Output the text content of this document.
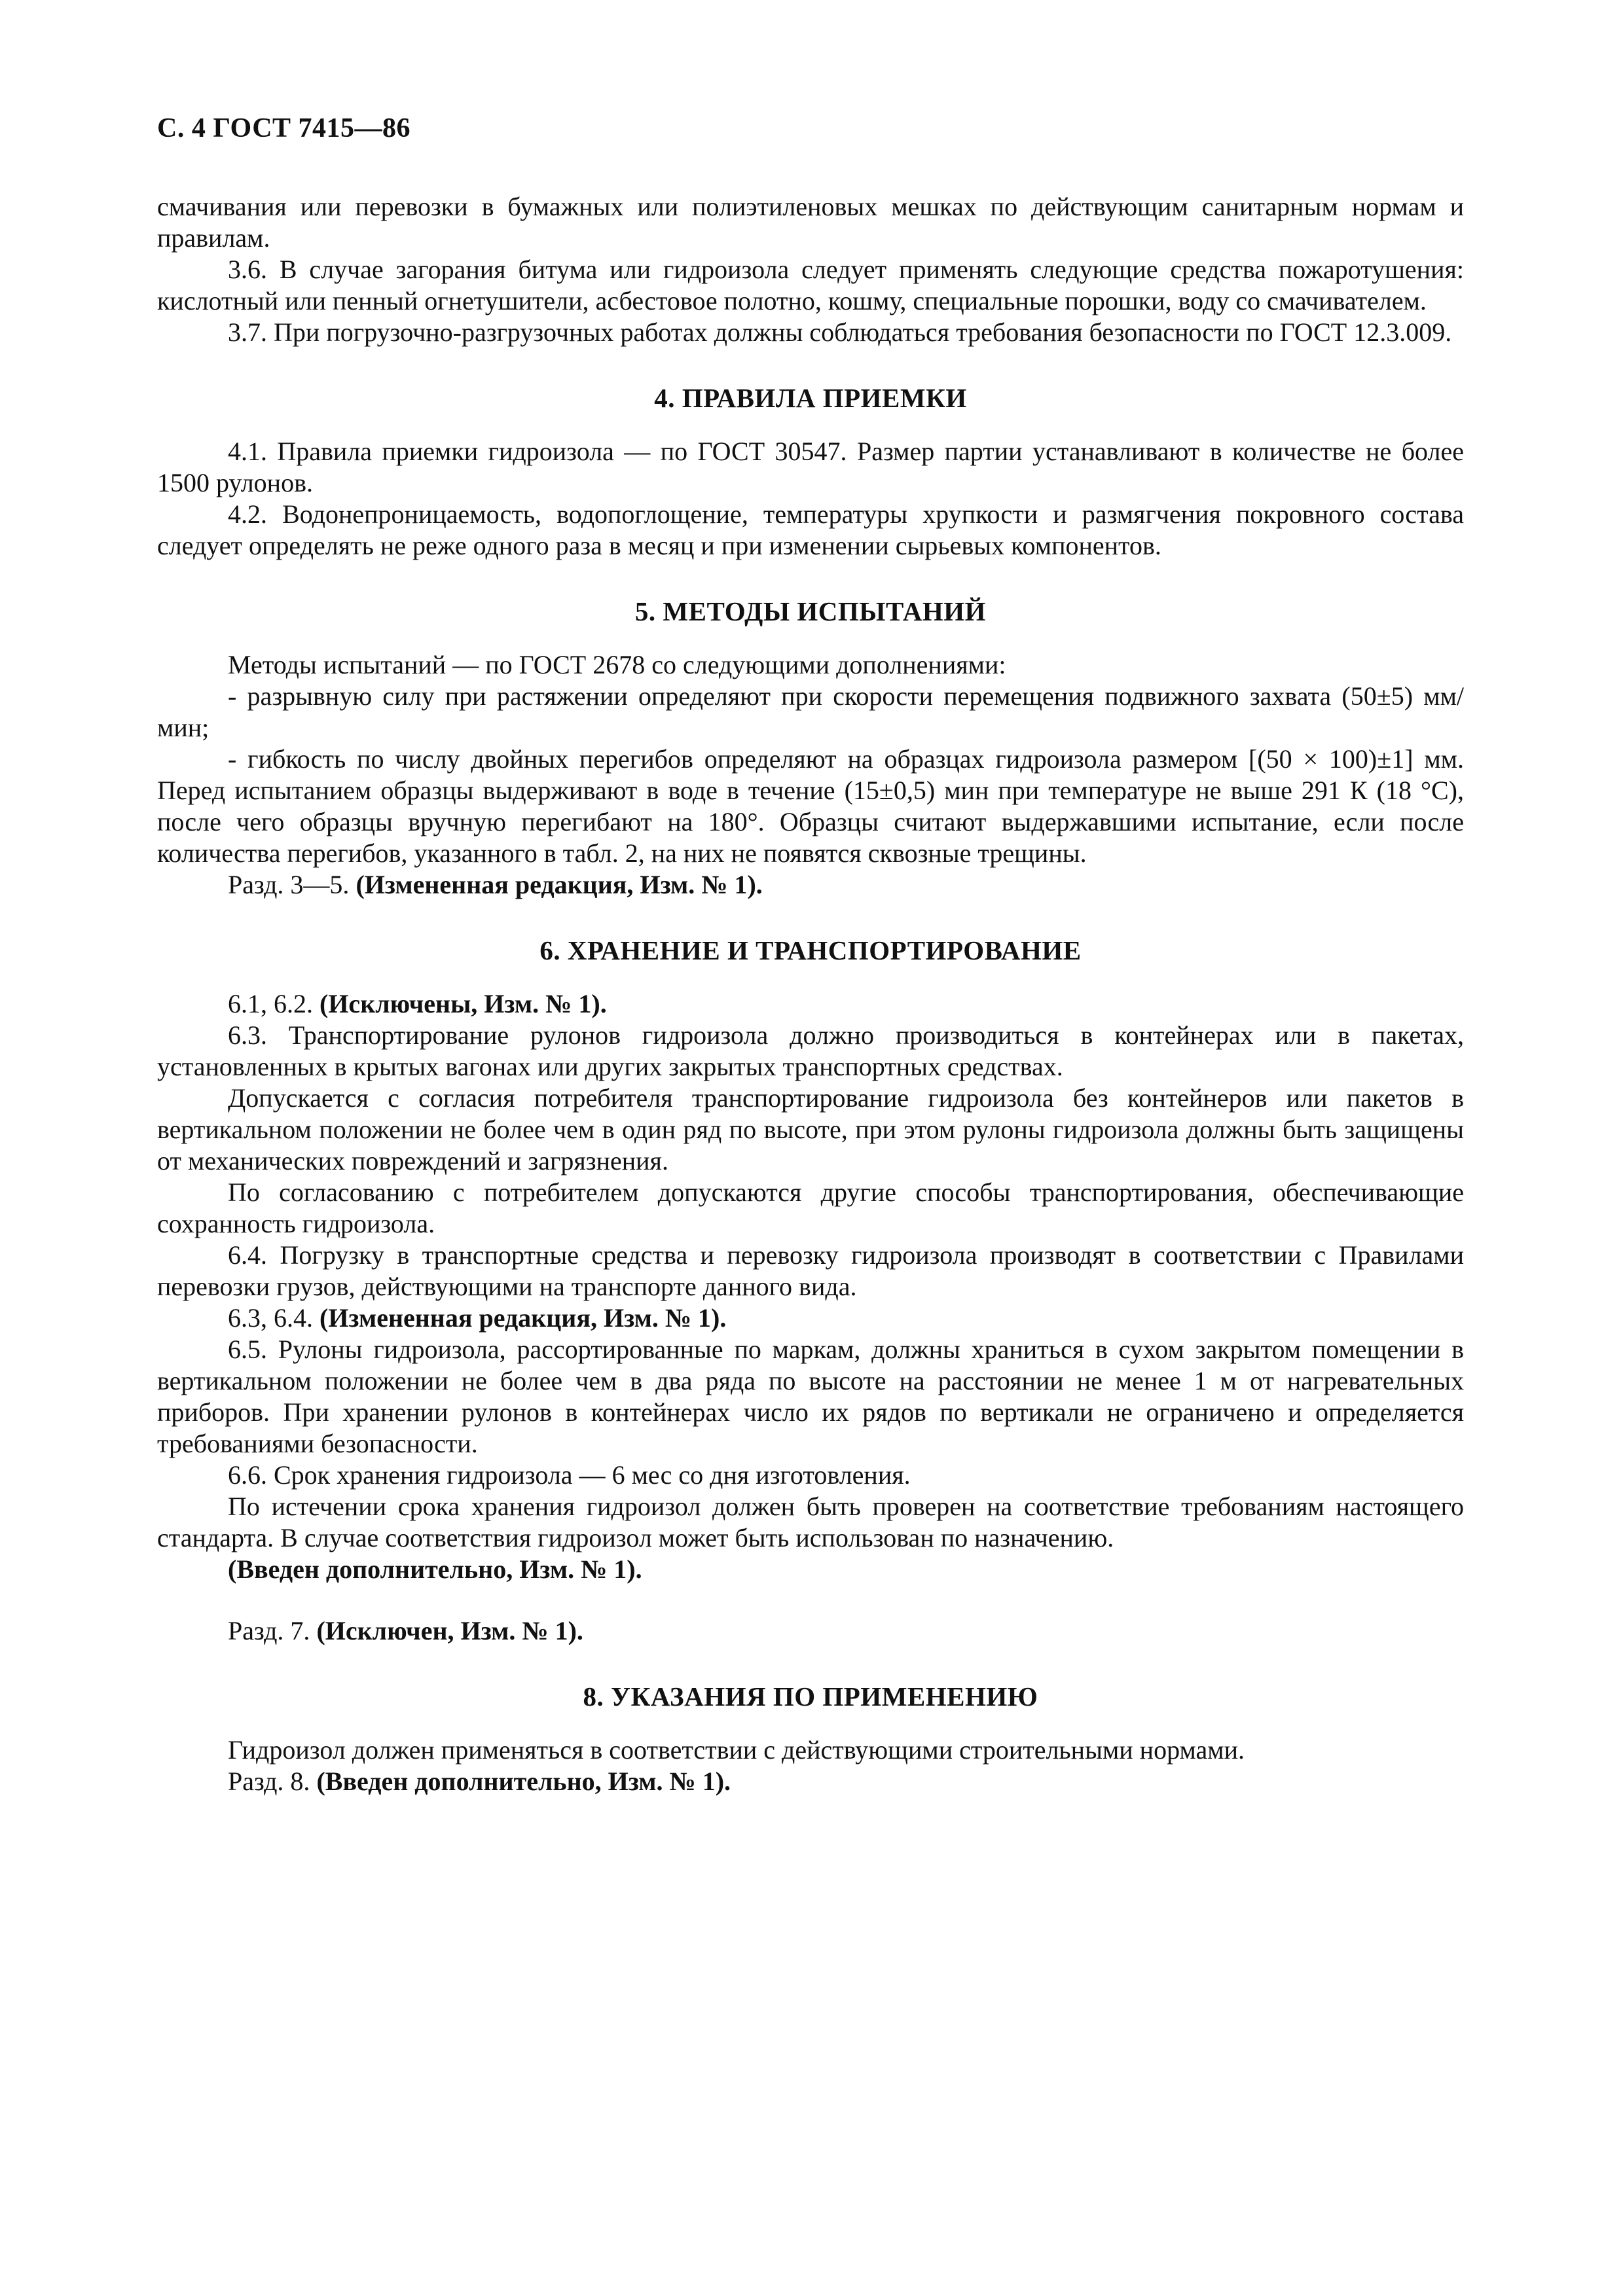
С. 4 ГОСТ 7415—86

смачивания или перевозки в бумажных или полиэтиленовых мешках по действующим санитарным нормам и правилам.

3.6. В случае загорания битума или гидроизола следует применять следующие средства пожаротушения: кислотный или пенный огнетушители, асбестовое полотно, кошму, специальные порошки, воду со смачивателем.

3.7. При погрузочно-разгрузочных работах должны соблюдаться требования безопасности по ГОСТ 12.3.009.

4. ПРАВИЛА ПРИЕМКИ

4.1. Правила приемки гидроизола — по ГОСТ 30547. Размер партии устанавливают в количестве не более 1500 рулонов.

4.2. Водонепроницаемость, водопоглощение, температуры хрупкости и размягчения покровного состава следует определять не реже одного раза в месяц и при изменении сырьевых компонентов.

5. МЕТОДЫ ИСПЫТАНИЙ

Методы испытаний — по ГОСТ 2678 со следующими дополнениями:

- разрывную силу при растяжении определяют при скорости перемещения подвижного захвата (50±5) мм/мин;

- гибкость по числу двойных перегибов определяют на образцах гидроизола размером [(50 × 100)±1] мм. Перед испытанием образцы выдерживают в воде в течение (15±0,5) мин при температуре не выше 291 К (18 °С), после чего образцы вручную перегибают на 180°. Образцы считают выдержавшими испытание, если после количества перегибов, указанного в табл. 2, на них не появятся сквозные трещины.

Разд. 3—5. (Измененная редакция, Изм. № 1).

6. ХРАНЕНИЕ И ТРАНСПОРТИРОВАНИЕ

6.1, 6.2. (Исключены, Изм. № 1).

6.3. Транспортирование рулонов гидроизола должно производиться в контейнерах или в пакетах, установленных в крытых вагонах или других закрытых транспортных средствах.

Допускается с согласия потребителя транспортирование гидроизола без контейнеров или пакетов в вертикальном положении не более чем в один ряд по высоте, при этом рулоны гидроизола должны быть защищены от механических повреждений и загрязнения.

По согласованию с потребителем допускаются другие способы транспортирования, обеспечивающие сохранность гидроизола.

6.4. Погрузку в транспортные средства и перевозку гидроизола производят в соответствии с Правилами перевозки грузов, действующими на транспорте данного вида.

6.3, 6.4. (Измененная редакция, Изм. № 1).

6.5. Рулоны гидроизола, рассортированные по маркам, должны храниться в сухом закрытом помещении в вертикальном положении не более чем в два ряда по высоте на расстоянии не менее 1 м от нагревательных приборов. При хранении рулонов в контейнерах число их рядов по вертикали не ограничено и определяется требованиями безопасности.

6.6. Срок хранения гидроизола — 6 мес со дня изготовления.

По истечении срока хранения гидроизол должен быть проверен на соответствие требованиям настоящего стандарта. В случае соответствия гидроизол может быть использован по назначению.

(Введен дополнительно, Изм. № 1).

Разд. 7. (Исключен, Изм. № 1).

8. УКАЗАНИЯ ПО ПРИМЕНЕНИЮ

Гидроизол должен применяться в соответствии с действующими строительными нормами.

Разд. 8. (Введен дополнительно, Изм. № 1).
